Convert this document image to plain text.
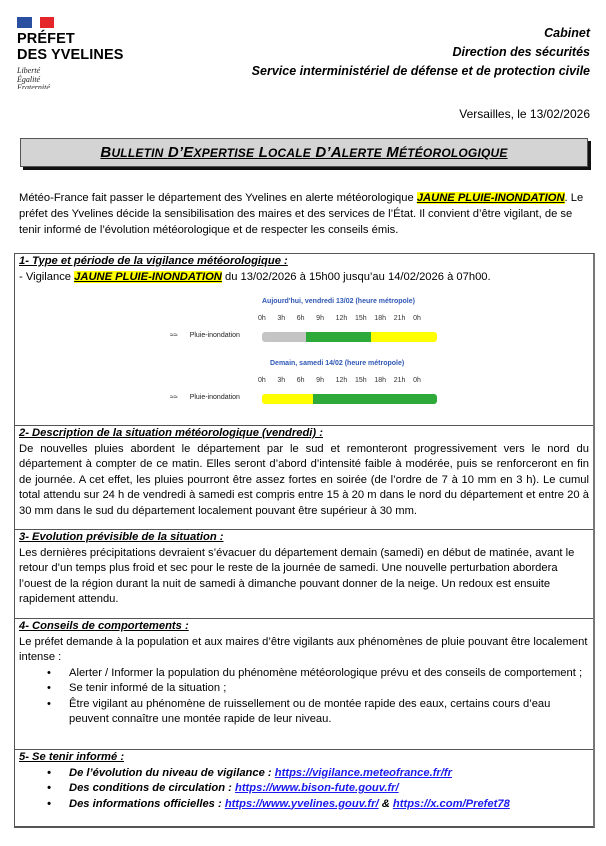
PRÉFET
DES YVELINES
Liberté
Égalité
Fraternité
Cabinet
Direction des sécurités
Service interministériel de défense et de protection civile
Versailles, le 13/02/2026
BULLETIN D’EXPERTISE LOCALE D’ALERTE MÉTÉOROLOGIQUE
Météo-France fait passer le département des Yvelines en alerte météorologique JAUNE PLUIE-INONDATION. Le préfet des Yvelines décide la sensibilisation des maires et des services de l’État. Il convient d’être vigilant, de se tenir informé de l’évolution météorologique et de respecter les conseils émis.
1- Type et période de la vigilance météorologique :
- Vigilance JAUNE PLUIE-INONDATION du 13/02/2026 à 15h00 jusqu’au 14/02/2026 à 07h00.
2- Description de la situation météorologique (vendredi) :
De nouvelles pluies abordent le département par le sud et remonteront progressivement vers le nord du département à compter de ce matin. Elles seront d’abord d’intensité faible à modérée, puis se renforceront en fin de journée. A cet effet, les pluies pourront être assez fortes en soirée (de l’ordre de 7 à 10 mm en 3 h). Le cumul total attendu sur 24 h de vendredi à samedi est compris entre 15 à 20 m dans le nord du département et entre 20 à 30 mm dans le sud du département localement pouvant être supérieur à 30 mm.
3- Evolution prévisible de la situation :
Les dernières précipitations devraient s’évacuer du département demain (samedi) en début de matinée, avant le retour d’un temps plus froid et sec pour le reste de la journée de samedi. Une nouvelle perturbation abordera l’ouest de la région durant la nuit de samedi à dimanche pouvant donner de la neige. Un redoux est ensuite rapidement attendu.
4- Conseils de comportements :
Le préfet demande à la population et aux maires d’être vigilants aux phénomènes de pluie pouvant être localement intense :
• Alerter / Informer la population du phénomène météorologique prévu et des conseils de comportement ;
• Se tenir informé de la situation ;
• Être vigilant au phénomène de ruissellement ou de montée rapide des eaux, certains cours d’eau peuvent connaître une montée rapide de leur niveau.
5- Se tenir informé :
• De l’évolution du niveau de vigilance : https://vigilance.meteofrance.fr/fr
• Des conditions de circulation : https://www.bison-fute.gouv.fr/
• Des informations officielles : https://www.yvelines.gouv.fr/ & https://x.com/Prefet78
Aujourd'hui, vendredi 13/02 (heure métropole)
0h	3h	6h	9h	12h	15h	18h	21h	0h
≈≈ Pluie-inondation
Demain, samedi 14/02 (heure métropole)
0h	3h	6h	9h	12h	15h	18h	21h	0h
≈≈ Pluie-inondation
